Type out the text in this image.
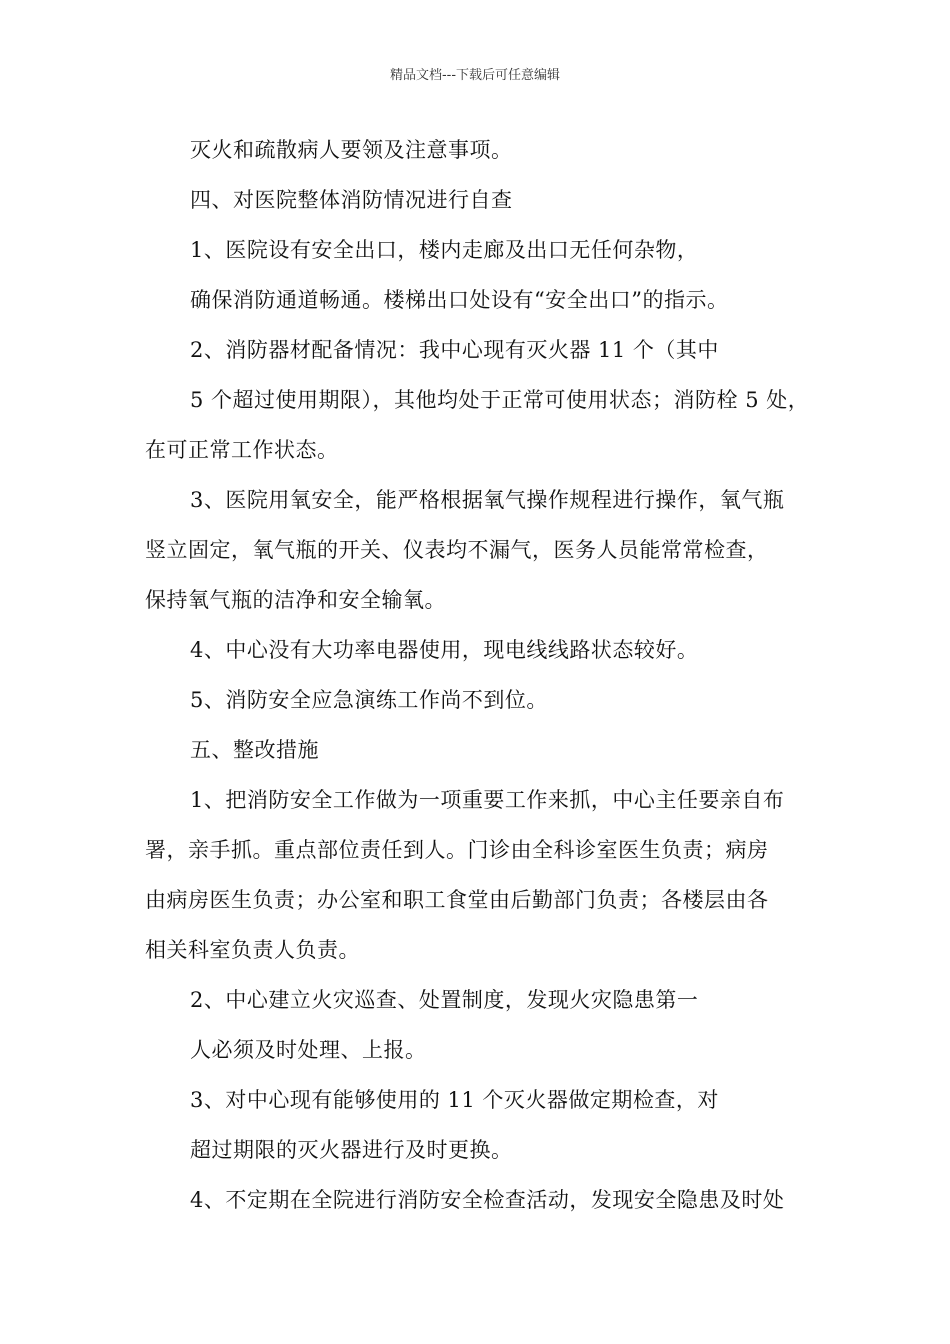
精品文档---下载后可任意编辑
灭火和疏散病人要领及注意事项。
四、对医院整体消防情况进行自查
1、医院设有安全出口，楼内走廊及出口无任何杂物，
确保消防通道畅通。楼梯出口处设有“安全出口”的指示。
2、消防器材配备情况：我中心现有灭火器 11 个（其中
5 个超过使用期限），其他均处于正常可使用状态；消防栓 5 处，
在可正常工作状态。
3、医院用氧安全，能严格根据氧气操作规程进行操作，氧气瓶
竖立固定，氧气瓶的开关、仪表均不漏气，医务人员能常常检查，
保持氧气瓶的洁净和安全输氧。
4、中心没有大功率电器使用，现电线线路状态较好。
5、消防安全应急演练工作尚不到位。
五、整改措施
1、把消防安全工作做为一项重要工作来抓，中心主任要亲自布
署，亲手抓。重点部位责任到人。门诊由全科诊室医生负责；病房
由病房医生负责；办公室和职工食堂由后勤部门负责；各楼层由各
相关科室负责人负责。
2、中心建立火灾巡查、处置制度，发现火灾隐患第一
人必须及时处理、上报。
3、对中心现有能够使用的 11 个灭火器做定期检查，对
超过期限的灭火器进行及时更换。
4、不定期在全院进行消防安全检查活动，发现安全隐患及时处
